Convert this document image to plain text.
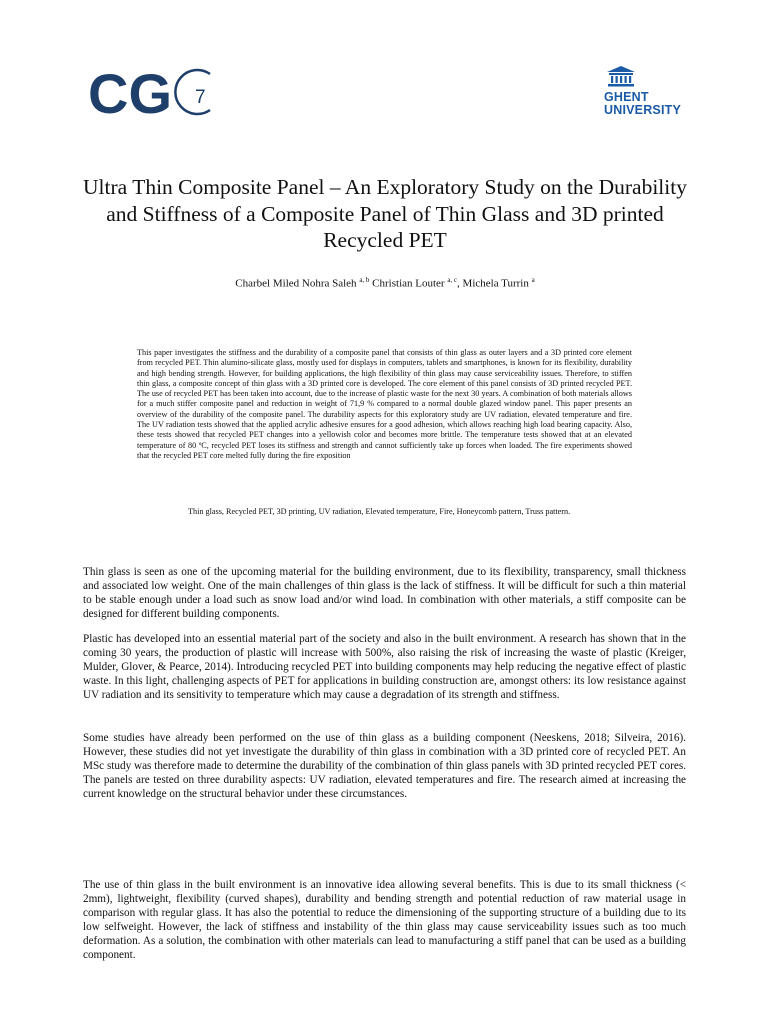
CG 7	GHENT
UNIVERSITY
Ultra Thin Composite Panel – An Exploratory Study on the Durability and Stiffness of a Composite Panel of Thin Glass and 3D printed Recycled PET
Charbel Miled Nohra Saleh $^{a, b}$ Christian Louter $^{a, c}$, Michela Turrin $^a$

This paper investigates the stiffness and the durability of a composite panel that consists of thin glass as outer layers and a 3D printed core element from recycled PET. Thin alumino-silicate glass, mostly used for displays in computers, tablets and smartphones, is known for its flexibility, durability and high bending strength. However, for building applications, the high flexibility of thin glass may cause serviceability issues. Therefore, to stiffen thin glass, a composite concept of thin glass with a 3D printed core is developed. The core element of this panel consists of 3D printed recycled PET. The use of recycled PET has been taken into account, due to the increase of plastic waste for the next 30 years. A combination of both materials allows for a much stiffer composite panel and reduction in weight of 71,9 % compared to a normal double glazed window panel. This paper presents an overview of the durability of the composite panel. The durability aspects for this exploratory study are UV radiation, elevated temperature and fire. The UV radiation tests showed that the applied acrylic adhesive ensures for a good adhesion, which allows reaching high load bearing capacity. Also, these tests showed that recycled PET changes into a yellowish color and becomes more brittle. The temperature tests showed that at an elevated temperature of 80 ºC, recycled PET loses its stiffness and strength and cannot sufficiently take up forces when loaded. The fire experiments showed that the recycled PET core melted fully during the fire exposition

Thin glass, Recycled PET, 3D printing, UV radiation, Elevated temperature, Fire, Honeycomb pattern, Truss pattern.

Thin glass is seen as one of the upcoming material for the building environment, due to its flexibility, transparency, small thickness and associated low weight. One of the main challenges of thin glass is the lack of stiffness. It will be difficult for such a thin material to be stable enough under a load such as snow load and/or wind load. In combination with other materials, a stiff composite can be designed for different building components.

Plastic has developed into an essential material part of the society and also in the built environment. A research has shown that in the coming 30 years, the production of plastic will increase with 500%, also raising the risk of increasing the waste of plastic (Kreiger, Mulder, Glover, & Pearce, 2014). Introducing recycled PET into building components may help reducing the negative effect of plastic waste. In this light, challenging aspects of PET for applications in building construction are, amongst others: its low resistance against UV radiation and its sensitivity to temperature which may cause a degradation of its strength and stiffness.

Some studies have already been performed on the use of thin glass as a building component (Neeskens, 2018; Silveira, 2016). However, these studies did not yet investigate the durability of thin glass in combination with a 3D printed core of recycled PET. An MSc study was therefore made to determine the durability of the combination of thin glass panels with 3D printed recycled PET cores. The panels are tested on three durability aspects: UV radiation, elevated temperatures and fire. The research aimed at increasing the current knowledge on the structural behavior under these circumstances.

The use of thin glass in the built environment is an innovative idea allowing several benefits. This is due to its small thickness (< 2mm), lightweight, flexibility (curved shapes), durability and bending strength and potential reduction of raw material usage in comparison with regular glass. It has also the potential to reduce the dimensioning of the supporting structure of a building due to its low selfweight. However, the lack of stiffness and instability of the thin glass may cause serviceability issues such as too much deformation. As a solution, the combination with other materials can lead to manufacturing a stiff panel that can be used as a building component.
